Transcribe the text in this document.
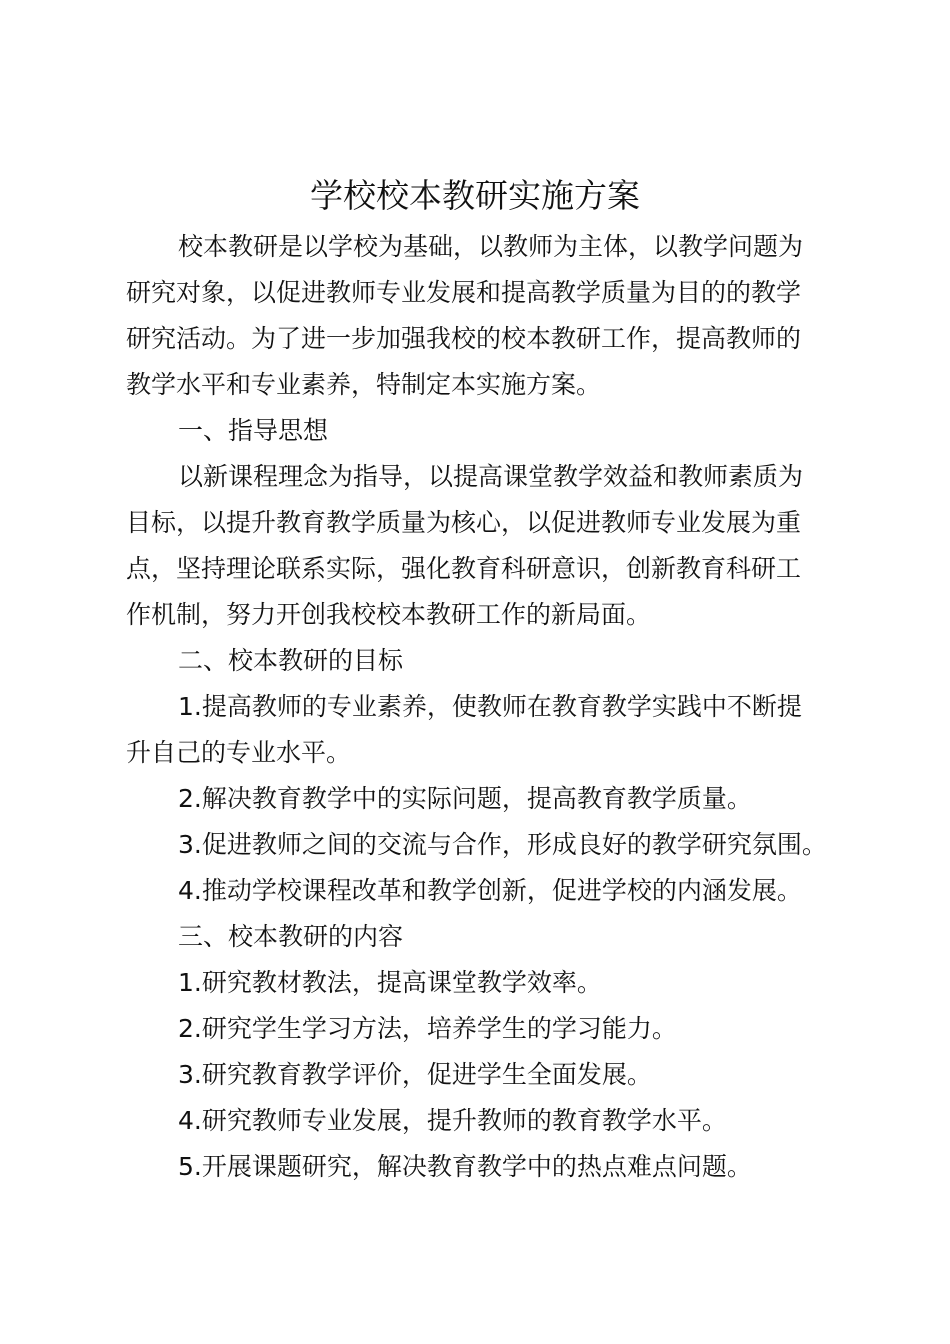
学校校本教研实施方案

校本教研是以学校为基础，以教师为主体，以教学问题为
研究对象，以促进教师专业发展和提高教学质量为目的的教学
研究活动。为了进一步加强我校的校本教研工作，提高教师的
教学水平和专业素养，特制定本实施方案。

一、指导思想

以新课程理念为指导，以提高课堂教学效益和教师素质为
目标，以提升教育教学质量为核心，以促进教师专业发展为重
点，坚持理论联系实际，强化教育科研意识，创新教育科研工
作机制，努力开创我校校本教研工作的新局面。

二、校本教研的目标

1.提高教师的专业素养，使教师在教育教学实践中不断提
升自己的专业水平。

2.解决教育教学中的实际问题，提高教育教学质量。

3.促进教师之间的交流与合作，形成良好的教学研究氛围。

4.推动学校课程改革和教学创新，促进学校的内涵发展。

三、校本教研的内容

1.研究教材教法，提高课堂教学效率。

2.研究学生学习方法，培养学生的学习能力。

3.研究教育教学评价，促进学生全面发展。

4.研究教师专业发展，提升教师的教育教学水平。

5.开展课题研究，解决教育教学中的热点难点问题。
